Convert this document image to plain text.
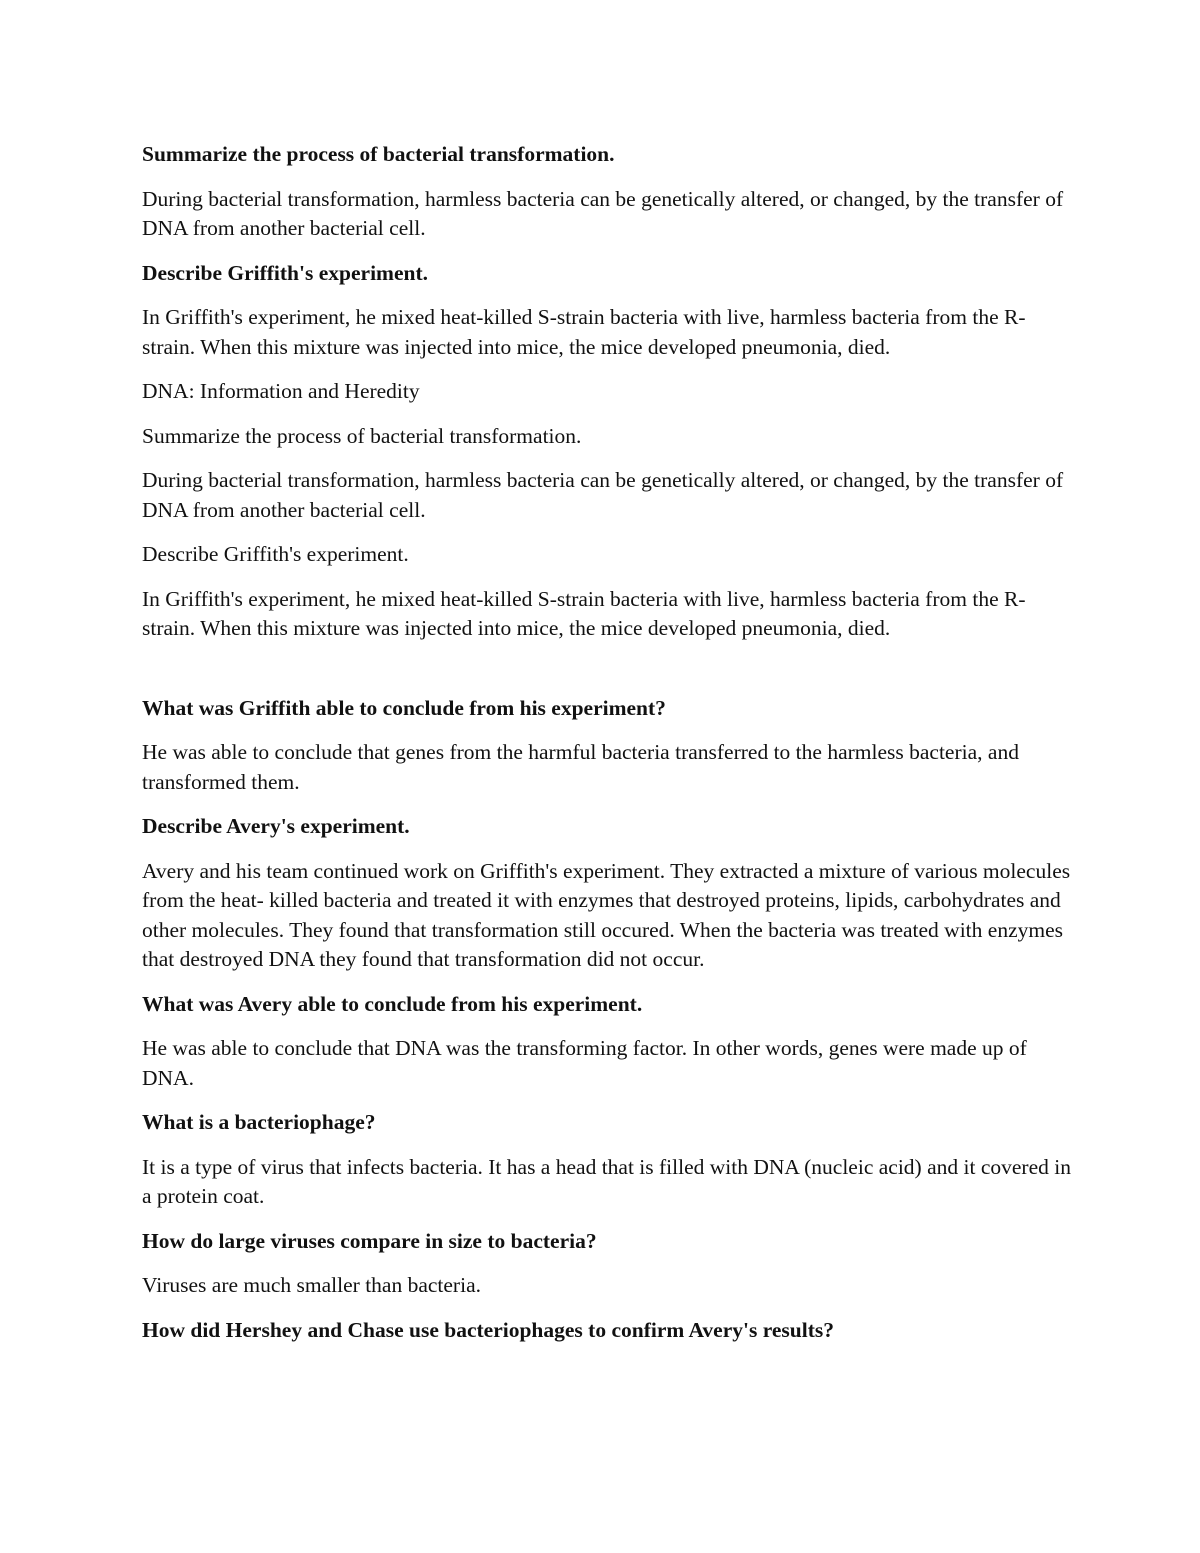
Summarize the process of bacterial transformation.

During bacterial transformation, harmless bacteria can be genetically altered, or changed, by the transfer of DNA from another bacterial cell.

Describe Griffith's experiment.

In Griffith's experiment, he mixed heat-killed S-strain bacteria with live, harmless bacteria from the R-strain. When this mixture was injected into mice, the mice developed pneumonia, died.

DNA: Information and Heredity

Summarize the process of bacterial transformation.

During bacterial transformation, harmless bacteria can be genetically altered, or changed, by the transfer of DNA from another bacterial cell.

Describe Griffith's experiment.

In Griffith's experiment, he mixed heat-killed S-strain bacteria with live, harmless bacteria from the R-strain. When this mixture was injected into mice, the mice developed pneumonia, died.

What was Griffith able to conclude from his experiment?

He was able to conclude that genes from the harmful bacteria transferred to the harmless bacteria, and transformed them.

Describe Avery's experiment.

Avery and his team continued work on Griffith's experiment. They extracted a mixture of various molecules from the heat- killed bacteria and treated it with enzymes that destroyed proteins, lipids, carbohydrates and other molecules. They found that transformation still occured. When the bacteria was treated with enzymes that destroyed DNA they found that transformation did not occur.

What was Avery able to conclude from his experiment.

He was able to conclude that DNA was the transforming factor. In other words, genes were made up of DNA.

What is a bacteriophage?

It is a type of virus that infects bacteria. It has a head that is filled with DNA (nucleic acid) and it covered in a protein coat.

How do large viruses compare in size to bacteria?

Viruses are much smaller than bacteria.

How did Hershey and Chase use bacteriophages to confirm Avery's results?
